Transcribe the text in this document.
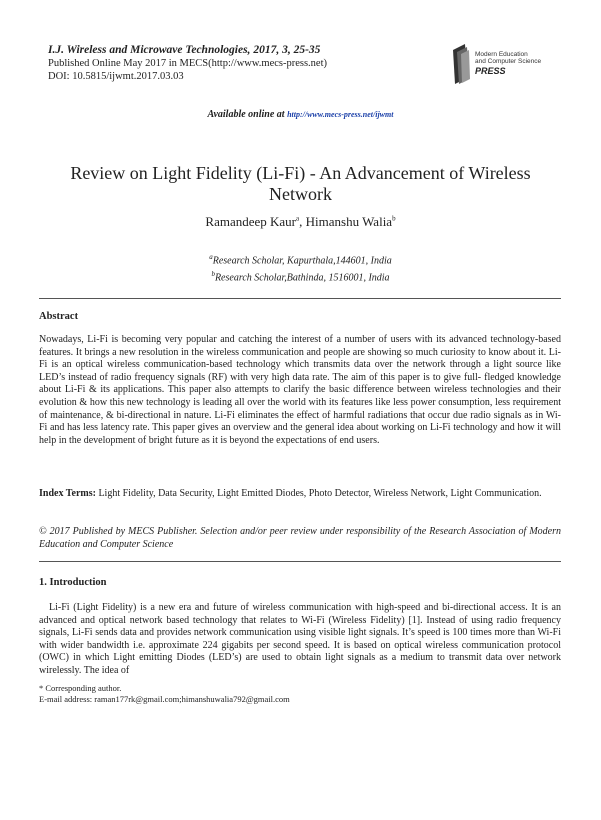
I.J. Wireless and Microwave Technologies, 2017, 3, 25-35
Published Online May 2017 in MECS(http://www.mecs-press.net)
DOI: 10.5815/ijwmt.2017.03.03
Modern Education
and Computer Science
PRESS
Available online at http://www.mecs-press.net/ijwmt
Review on Light Fidelity (Li-Fi) - An Advancement of Wireless Network
Ramandeep Kaur$^a$, Himanshu Walia$^b$
$^a$Research Scholar, Kapurthala,144601, India
$^b$Research Scholar,Bathinda, 1516001, India
Abstract
Nowadays, Li-Fi is becoming very popular and catching the interest of a number of users with its advanced technology-based features. It brings a new resolution in the wireless communication and people are showing so much curiosity to know about it. Li-Fi is an optical wireless communication-based technology which transmits data over the network through a light source like LED’s instead of radio frequency signals (RF) with very high data rate. The aim of this paper is to give full- fledged knowledge about Li-Fi & its applications. This paper also attempts to clarify the basic difference between wireless technologies and their evolution & how this new technology is leading all over the world with its features like less power consumption, less requirement of maintenance, & bi-directional in nature. Li-Fi eliminates the effect of harmful radiations that occur due radio signals as in Wi-Fi and has less latency rate. This paper gives an overview and the general idea about working on Li-Fi technology and how it will help in the development of bright future as it is beyond the expectations of end users.
Index Terms: Light Fidelity, Data Security, Light Emitted Diodes, Photo Detector, Wireless Network, Light Communication.
© 2017 Published by MECS Publisher. Selection and/or peer review under responsibility of the Research Association of Modern Education and Computer Science
1. Introduction
Li-Fi (Light Fidelity) is a new era and future of wireless communication with high-speed and bi-directional access. It is an advanced and optical network based technology that relates to Wi-Fi (Wireless Fidelity) [1]. Instead of using radio frequency signals, Li-Fi sends data and provides network communication using visible light signals. It’s speed is 100 times more than Wi-Fi with wider bandwidth i.e. approximate 224 gigabits per second speed. It is based on optical wireless communication protocol (OWC) in which Light emitting Diodes (LED’s) are used to obtain light signals as a medium to transmit data over network wirelessly. The idea of
* Corresponding author.
E-mail address: raman177rk@gmail.com;himanshuwalia792@gmail.com
